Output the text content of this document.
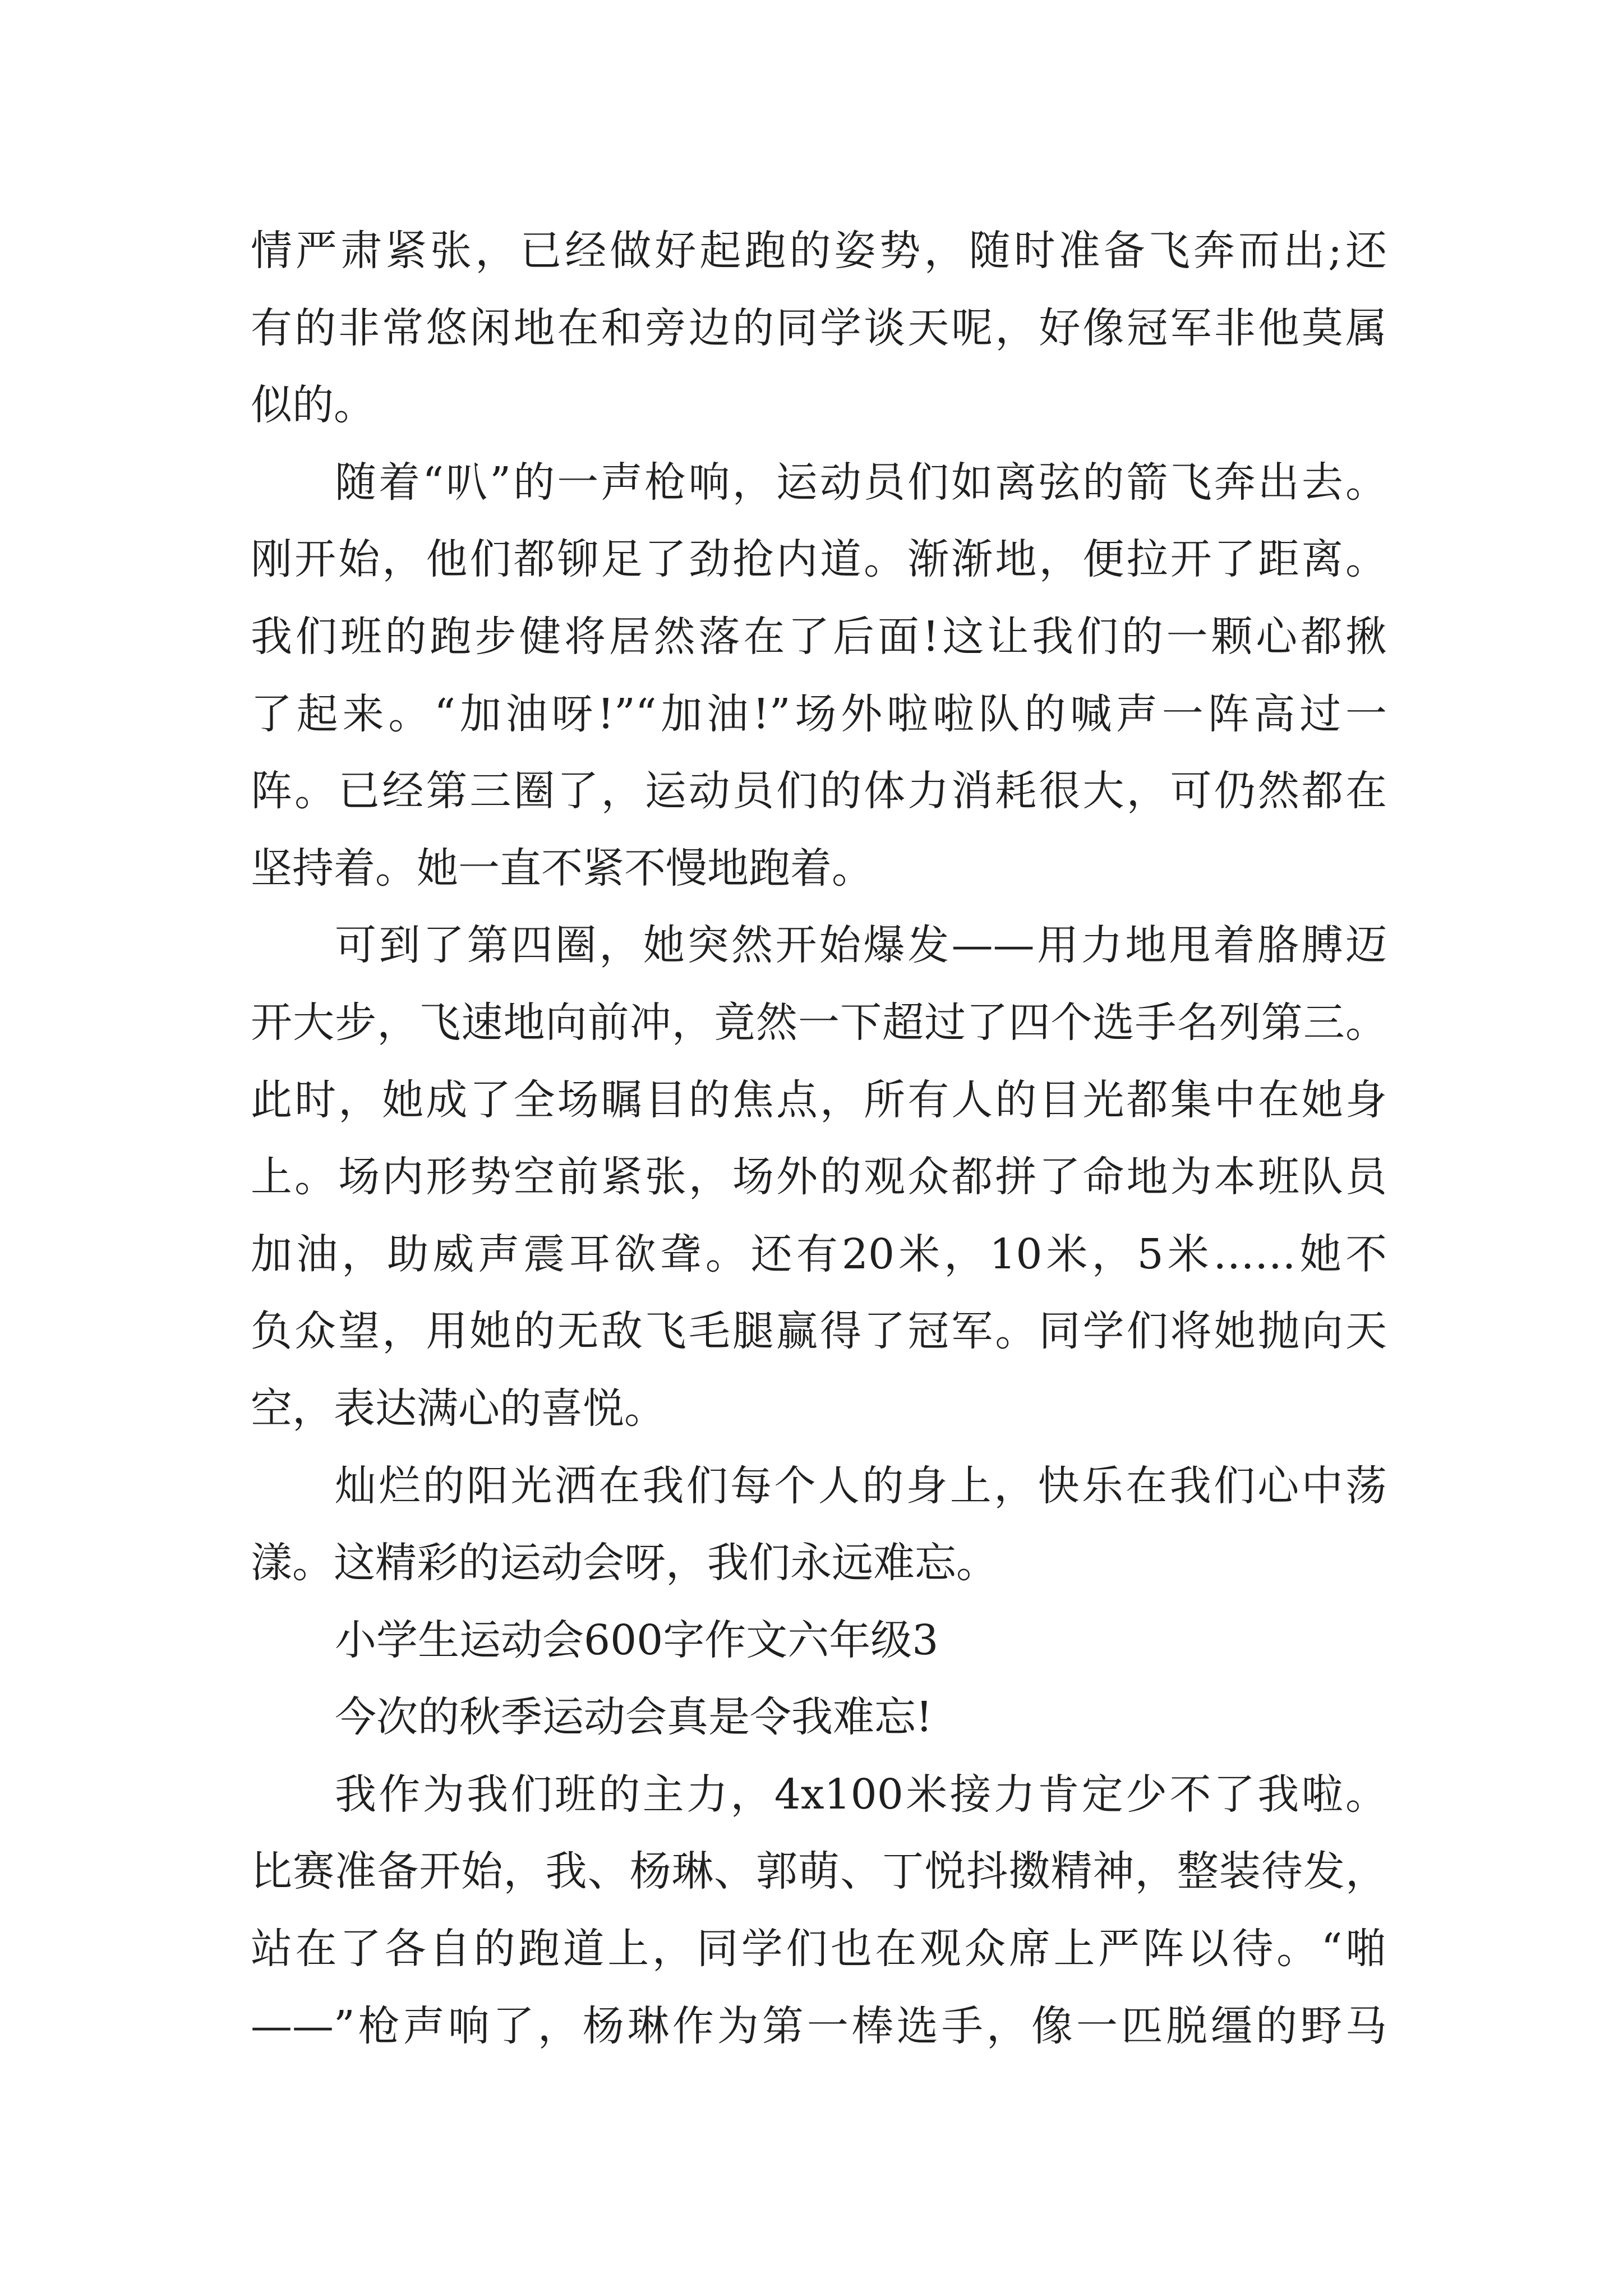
情严肃紧张，已经做好起跑的姿势，随时准备飞奔而出;还
有的非常悠闲地在和旁边的同学谈天呢，好像冠军非他莫属
似的。
随着“叭”的一声枪响，运动员们如离弦的箭飞奔出去。
刚开始，他们都铆足了劲抢内道。渐渐地，便拉开了距离。
我们班的跑步健将居然落在了后面!这让我们的一颗心都揪
了起来。“加油呀!”“加油!”场外啦啦队的喊声一阵高过一
阵。已经第三圈了，运动员们的体力消耗很大，可仍然都在
坚持着。她一直不紧不慢地跑着。
可到了第四圈，她突然开始爆发——用力地甩着胳膊迈
开大步，飞速地向前冲，竟然一下超过了四个选手名列第三。
此时，她成了全场瞩目的焦点，所有人的目光都集中在她身
上。场内形势空前紧张，场外的观众都拼了命地为本班队员
加油，助威声震耳欲聋。还有20米，10米，5米……她不
负众望，用她的无敌飞毛腿赢得了冠军。同学们将她抛向天
空，表达满心的喜悦。
灿烂的阳光洒在我们每个人的身上，快乐在我们心中荡
漾。这精彩的运动会呀，我们永远难忘。
小学生运动会600字作文六年级3
今次的秋季运动会真是令我难忘!
我作为我们班的主力，4x100米接力肯定少不了我啦。
比赛准备开始，我、杨琳、郭萌、丁悦抖擞精神，整装待发，
站在了各自的跑道上，同学们也在观众席上严阵以待。“啪
——”枪声响了，杨琳作为第一棒选手，像一匹脱缰的野马
